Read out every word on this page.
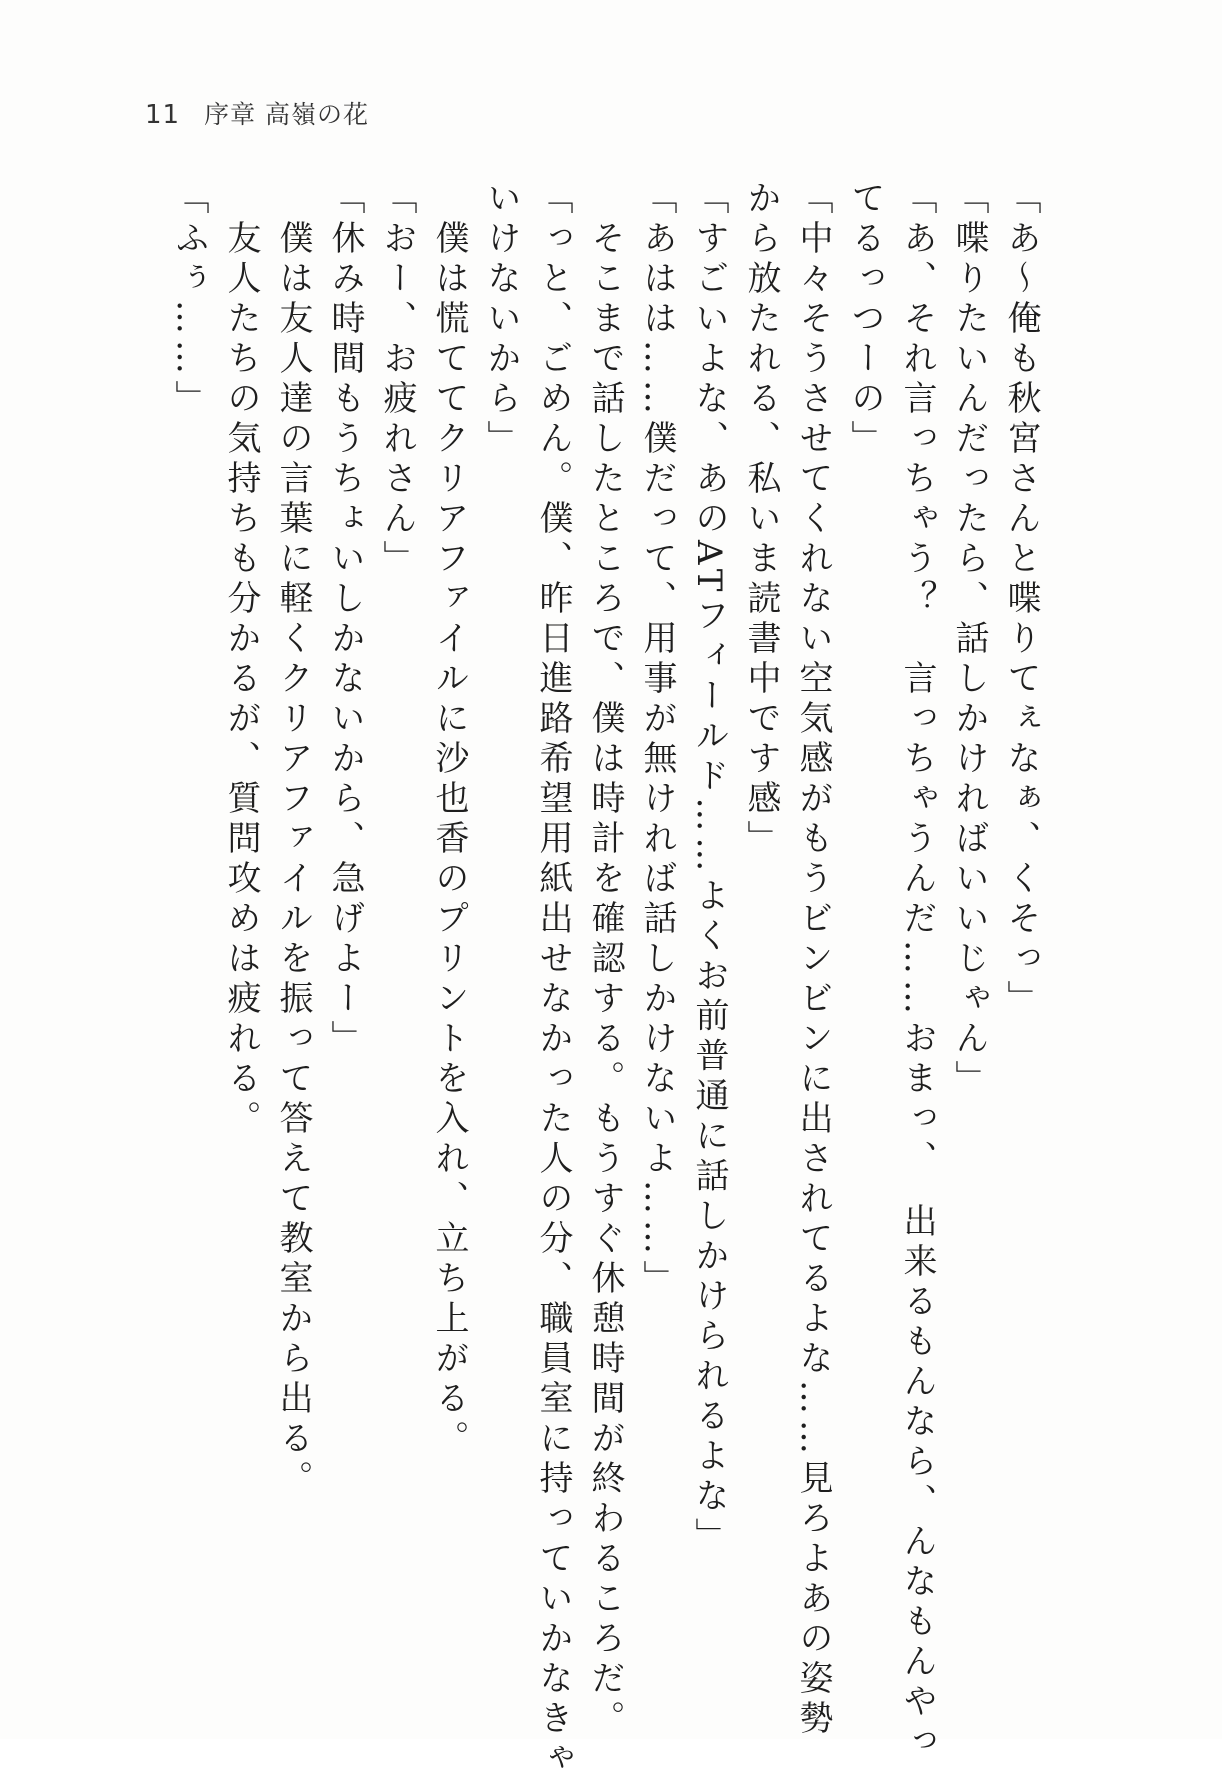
11 序章 高嶺の花

「あ〜俺も秋宮さんと喋りてぇなぁ、くそっ」

「喋りたいんだったら、話しかければいいじゃん」

「あ、それ言っちゃう？　言っちゃうんだ……おまっ、　出来るもんなら、んなもんやっ

てるっつーの」

「中々そうさせてくれない空気感がもうビンビンに出されてるよな……見ろよあの姿勢

から放たれる、私いま読書中です感」

「すごいよな、あのATフィールド……よくお前普通に話しかけられるよな」

「あはは……僕だって、用事が無ければ話しかけないよ……」

　そこまで話したところで、僕は時計を確認する。もうすぐ休憩時間が終わるころだ。

「っと、ごめん。僕、昨日進路希望用紙出せなかった人の分、職員室に持っていかなきゃ

いけないから」

　僕は慌ててクリアファイルに沙也香のプリントを入れ、立ち上がる。

「おー、お疲れさん」

「休み時間もうちょいしかないから、急げよー」

　僕は友人達の言葉に軽くクリアファイルを振って答えて教室から出る。

　友人たちの気持ちも分かるが、質問攻めは疲れる。

「ふぅ……」
